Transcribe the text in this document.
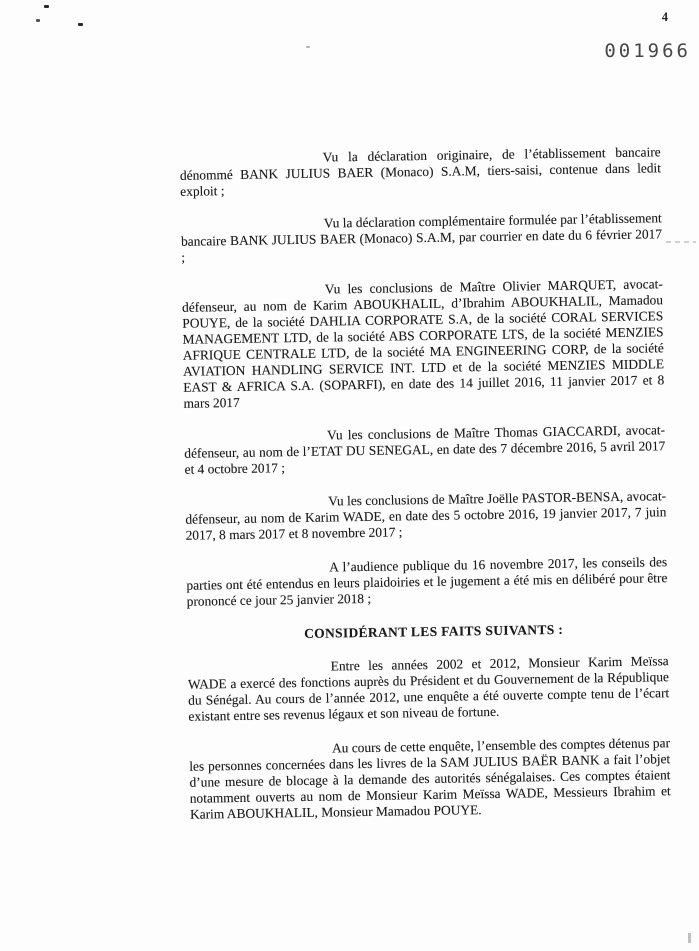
4
001966

Vu la déclaration originaire, de l’établissement bancaire dénommé BANK JULIUS BAER (Monaco) S.A.M, tiers-saisi, contenue dans ledit exploit ;

Vu la déclaration complémentaire formulée par l’établissement bancaire BANK JULIUS BAER (Monaco) S.A.M, par courrier en date du 6 février 2017 ;

Vu les conclusions de Maître Olivier MARQUET, avocat-défenseur, au nom de Karim ABOUKHALIL, d’Ibrahim ABOUKHALIL, Mamadou POUYE, de la société DAHLIA CORPORATE S.A, de la société CORAL SERVICES MANAGEMENT LTD, de la société ABS CORPORATE LTS, de la société MENZIES AFRIQUE CENTRALE LTD, de la société MA ENGINEERING CORP, de la société AVIATION HANDLING SERVICE INT. LTD et de la société MENZIES MIDDLE EAST & AFRICA S.A. (SOPARFI), en date des 14 juillet 2016, 11 janvier 2017 et 8 mars 2017

Vu les conclusions de Maître Thomas GIACCARDI, avocat-défenseur, au nom de l’ETAT DU SENEGAL, en date des 7 décembre 2016, 5 avril 2017 et 4 octobre 2017 ;

Vu les conclusions de Maître Joëlle PASTOR-BENSA, avocat-défenseur, au nom de Karim WADE, en date des 5 octobre 2016, 19 janvier 2017, 7 juin 2017, 8 mars 2017 et 8 novembre 2017 ;

A l’audience publique du 16 novembre 2017, les conseils des parties ont été entendus en leurs plaidoiries et le jugement a été mis en délibéré pour être prononcé ce jour 25 janvier 2018 ;

CONSIDÉRANT LES FAITS SUIVANTS :

Entre les années 2002 et 2012, Monsieur Karim Meïssa WADE a exercé des fonctions auprès du Président et du Gouvernement de la République du Sénégal. Au cours de l’année 2012, une enquête a été ouverte compte tenu de l’écart existant entre ses revenus légaux et son niveau de fortune.

Au cours de cette enquête, l’ensemble des comptes détenus par les personnes concernées dans les livres de la SAM JULIUS BAËR BANK a fait l’objet d’une mesure de blocage à la demande des autorités sénégalaises. Ces comptes étaient notamment ouverts au nom de Monsieur Karim Meïssa WADE, Messieurs Ibrahim et Karim ABOUKHALIL, Monsieur Mamadou POUYE.
